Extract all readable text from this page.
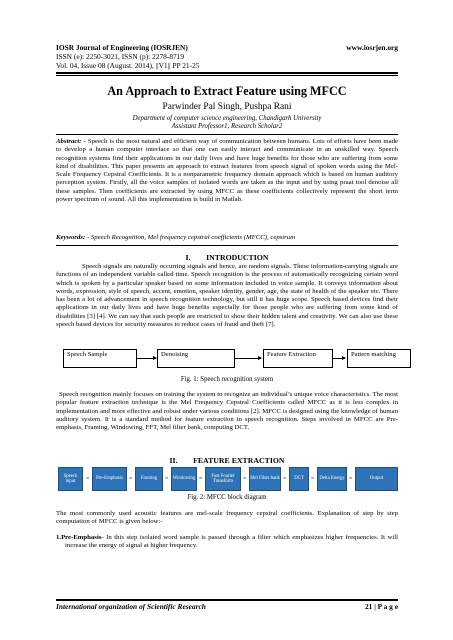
IOSR Journal of Engineering (IOSRJEN)	www.iosrjen.org
ISSN (e): 2250-3021, ISSN (p): 2278-8719
Vol. 04, Issue 08 (August. 2014), ||V1|| PP 21-25
An Approach to Extract Feature using MFCC
Parwinder Pal Singh, Pushpa Rani
Department of computer science engineering, Chandigarh University
Assistant Professor1, Research Scholar2
Abstract: - Speech is the most natural and efficient way of communication between humans. Lots of efforts have been made to develop a human computer interface so that one can easily interact and communicate in an unskilled way. Speech recognition systems find their applications in our daily lives and have huge benefits for those who are suffering from some kind of disabilities. This paper presents an approach to extract features from speech signal of spoken words using the Mel-Scale Frequency Cepstral Coefficients. It is a nonparametric frequency domain approach which is based on human auditory perception system. Firstly, all the voice samples of isolated words are taken as the input and by using praat tool denoise all these samples. Then coefficients are extracted by using MFCC as these coefficients collectively represent the short term power spectrum of sound. All this implementation is build in Matlab.
Keywords: - Speech Recognition, Mel frequency cepstral coefficients (MFCC), cepstrum
I. INTRODUCTION
Speech signals are naturally occurring signals and hence, are random signals. These information-carrying signals are functions of an independent variable called time. Speech recognition is the process of automatically recognizing certain word which is spoken by a particular speaker based on some information included in voice sample. It conveys information about words, expression, style of speech, accent, emotion, speaker identity, gender, age, the state of health of the speaker etc. There has been a lot of advancement in speech recognition technology, but still it has huge scope. Speech based devices find their applications in our daily lives and have huge benefits especially for those people who are suffering from some kind of disabilities [3] [4]. We can say that such people are restricted to show their hidden talent and creativity. We can also use these speech based devices for security measures to reduce cases of fraud and theft [7].
Speech Sample	Denoising	Feature Extraction	Pattern matching
Fig. 1: Speech recognition system
Speech recognition mainly focuses on training the system to recognize an individual’s unique voice characteristics. The most popular feature extraction technique is the Mel Frequency Cepstral Coefficients called MFCC as it is less complex in implementation and more effective and robust under various conditions [2]. MFCC is designed using the knowledge of human auditory system. It is a standard method for feature extraction in speech recognition. Steps involved in MFCC are Pre-emphasis, Framing, Windowing, FFT, Mel filter bank, computing DCT.
II. FEATURE EXTRACTION
Speech input	= Pre-Emphasis = Framing = Windowing =	Fast Fourier Transform	= Mel Filter bank = DCT = Delta Energy =	Output
Fig. 2: MFCC block diagram
The most commonly used acoustic features are mel-scale frequency cepstral coefficients. Explanation of step by step computation of MFCC is given below:-
1.Pre-Emphasis- In this step isolated word sample is passed through a filter which emphasizes higher frequencies. It will increase the energy of signal at higher frequency.
International organization of Scientific Research	21 | P a g e
